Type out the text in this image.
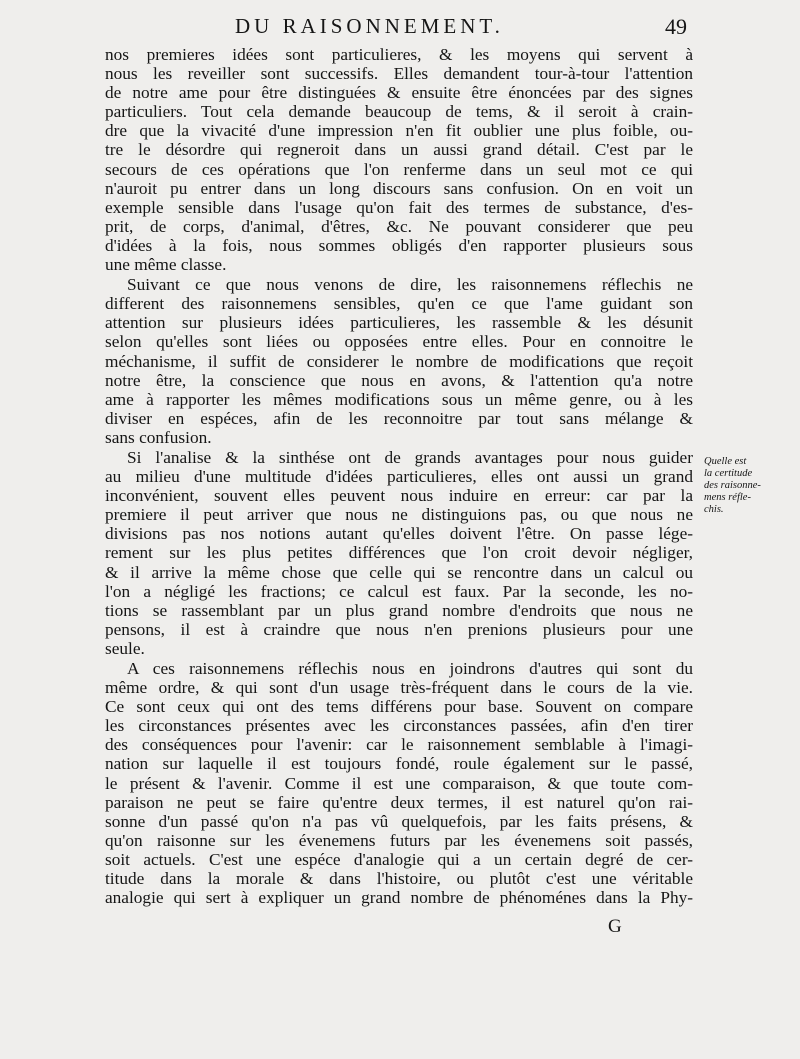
DU RAISONNEMENT.	49
nos premieres idées sont particulieres, & les moyens qui servent à
nous les reveiller sont successifs. Elles demandent tour-à-tour l'attention
de notre ame pour être distinguées & ensuite être énoncées par des signes
particuliers. Tout cela demande beaucoup de tems, & il seroit à crain-
dre que la vivacité d'une impression n'en fit oublier une plus foible, ou-
tre le désordre qui regneroit dans un aussi grand détail. C'est par le
secours de ces opérations que l'on renferme dans un seul mot ce qui
n'auroit pu entrer dans un long discours sans confusion. On en voit un
exemple sensible dans l'usage qu'on fait des termes de substance, d'es-
prit, de corps, d'animal, d'êtres, &c. Ne pouvant considerer que peu
d'idées à la fois, nous sommes obligés d'en rapporter plusieurs sous
une même classe.
Suivant ce que nous venons de dire, les raisonnemens réflechis ne
different des raisonnemens sensibles, qu'en ce que l'ame guidant son
attention sur plusieurs idées particulieres, les rassemble & les désunit
selon qu'elles sont liées ou opposées entre elles. Pour en connoitre le
méchanisme, il suffit de considerer le nombre de modifications que reçoit
notre être, la conscience que nous en avons, & l'attention qu'a notre
ame à rapporter les mêmes modifications sous un même genre, ou à les
diviser en espéces, afin de les reconnoitre par tout sans mélange &
sans confusion.
Si l'analise & la sinthése ont de grands avantages pour nous guider
au milieu d'une multitude d'idées particulieres, elles ont aussi un grand
inconvénient, souvent elles peuvent nous induire en erreur: car par la
premiere il peut arriver que nous ne distinguions pas, ou que nous ne
divisions pas nos notions autant qu'elles doivent l'être. On passe lége-
rement sur les plus petites différences que l'on croit devoir négliger,
& il arrive la même chose que celle qui se rencontre dans un calcul ou
l'on a négligé les fractions; ce calcul est faux. Par la seconde, les no-
tions se rassemblant par un plus grand nombre d'endroits que nous ne
pensons, il est à craindre que nous n'en prenions plusieurs pour une
seule.
A ces raisonnemens réflechis nous en joindrons d'autres qui sont du
même ordre, & qui sont d'un usage très-fréquent dans le cours de la vie.
Ce sont ceux qui ont des tems différens pour base. Souvent on compare
les circonstances présentes avec les circonstances passées, afin d'en tirer
des conséquences pour l'avenir: car le raisonnement semblable à l'imagi-
nation sur laquelle il est toujours fondé, roule également sur le passé,
le présent & l'avenir. Comme il est une comparaison, & que toute com-
paraison ne peut se faire qu'entre deux termes, il est naturel qu'on rai-
sonne d'un passé qu'on n'a pas vû quelquefois, par les faits présens, &
qu'on raisonne sur les évenemens futurs par les évenemens soit passés,
soit actuels. C'est une espéce d'analogie qui a un certain degré de cer-
titude dans la morale & dans l'histoire, ou plutôt c'est une véritable
analogie qui sert à expliquer un grand nombre de phénoménes dans la Phy-
Quelle est
la certitude
des raisonne-
mens réfle-
chis.
G
